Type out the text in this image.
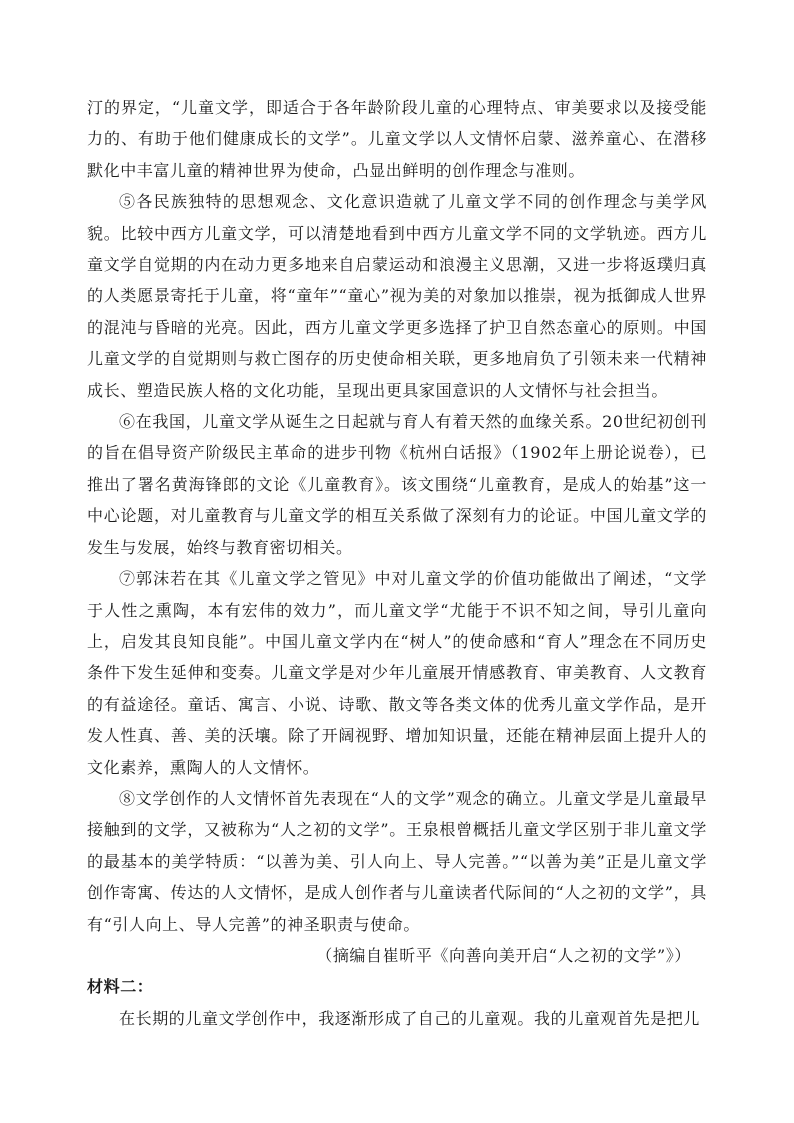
汀的界定，“儿童文学，即适合于各年龄阶段儿童的心理特点、审美要求以及接受能力的、有助于他们健康成长的文学”。儿童文学以人文情怀启蒙、滋养童心、在潜移默化中丰富儿童的精神世界为使命，凸显出鲜明的创作理念与准则。

⑤各民族独特的思想观念、文化意识造就了儿童文学不同的创作理念与美学风貌。比较中西方儿童文学，可以清楚地看到中西方儿童文学不同的文学轨迹。西方儿童文学自觉期的内在动力更多地来自启蒙运动和浪漫主义思潮，又进一步将返璞归真的人类愿景寄托于儿童，将“童年”“童心”视为美的对象加以推崇，视为抵御成人世界的混沌与昏暗的光亮。因此，西方儿童文学更多选择了护卫自然态童心的原则。中国儿童文学的自觉期则与救亡图存的历史使命相关联，更多地肩负了引领未来一代精神成长、塑造民族人格的文化功能，呈现出更具家国意识的人文情怀与社会担当。

⑥在我国，儿童文学从诞生之日起就与育人有着天然的血缘关系。20世纪初创刊的旨在倡导资产阶级民主革命的进步刊物《杭州白话报》（1902年上册论说卷），已推出了署名黄海锋郎的文论《儿童教育》。该文围绕“儿童教育，是成人的始基”这一中心论题，对儿童教育与儿童文学的相互关系做了深刻有力的论证。中国儿童文学的发生与发展，始终与教育密切相关。

⑦郭沫若在其《儿童文学之管见》中对儿童文学的价值功能做出了阐述，“文学于人性之熏陶，本有宏伟的效力”，而儿童文学“尤能于不识不知之间，导引儿童向上，启发其良知良能”。中国儿童文学内在“树人”的使命感和“育人”理念在不同历史条件下发生延伸和变奏。儿童文学是对少年儿童展开情感教育、审美教育、人文教育的有益途径。童话、寓言、小说、诗歌、散文等各类文体的优秀儿童文学作品，是开发人性真、善、美的沃壤。除了开阔视野、增加知识量，还能在精神层面上提升人的文化素养，熏陶人的人文情怀。

⑧文学创作的人文情怀首先表现在“人的文学”观念的确立。儿童文学是儿童最早接触到的文学，又被称为“人之初的文学”。王泉根曾概括儿童文学区别于非儿童文学的最基本的美学特质：“以善为美、引人向上、导人完善。”“以善为美”正是儿童文学创作寄寓、传达的人文情怀，是成人创作者与儿童读者代际间的“人之初的文学”，具有“引人向上、导人完善”的神圣职责与使命。

（摘编自崔昕平《向善向美开启“人之初的文学”》）

材料二：

在长期的儿童文学创作中，我逐渐形成了自己的儿童观。我的儿童观首先是把儿
